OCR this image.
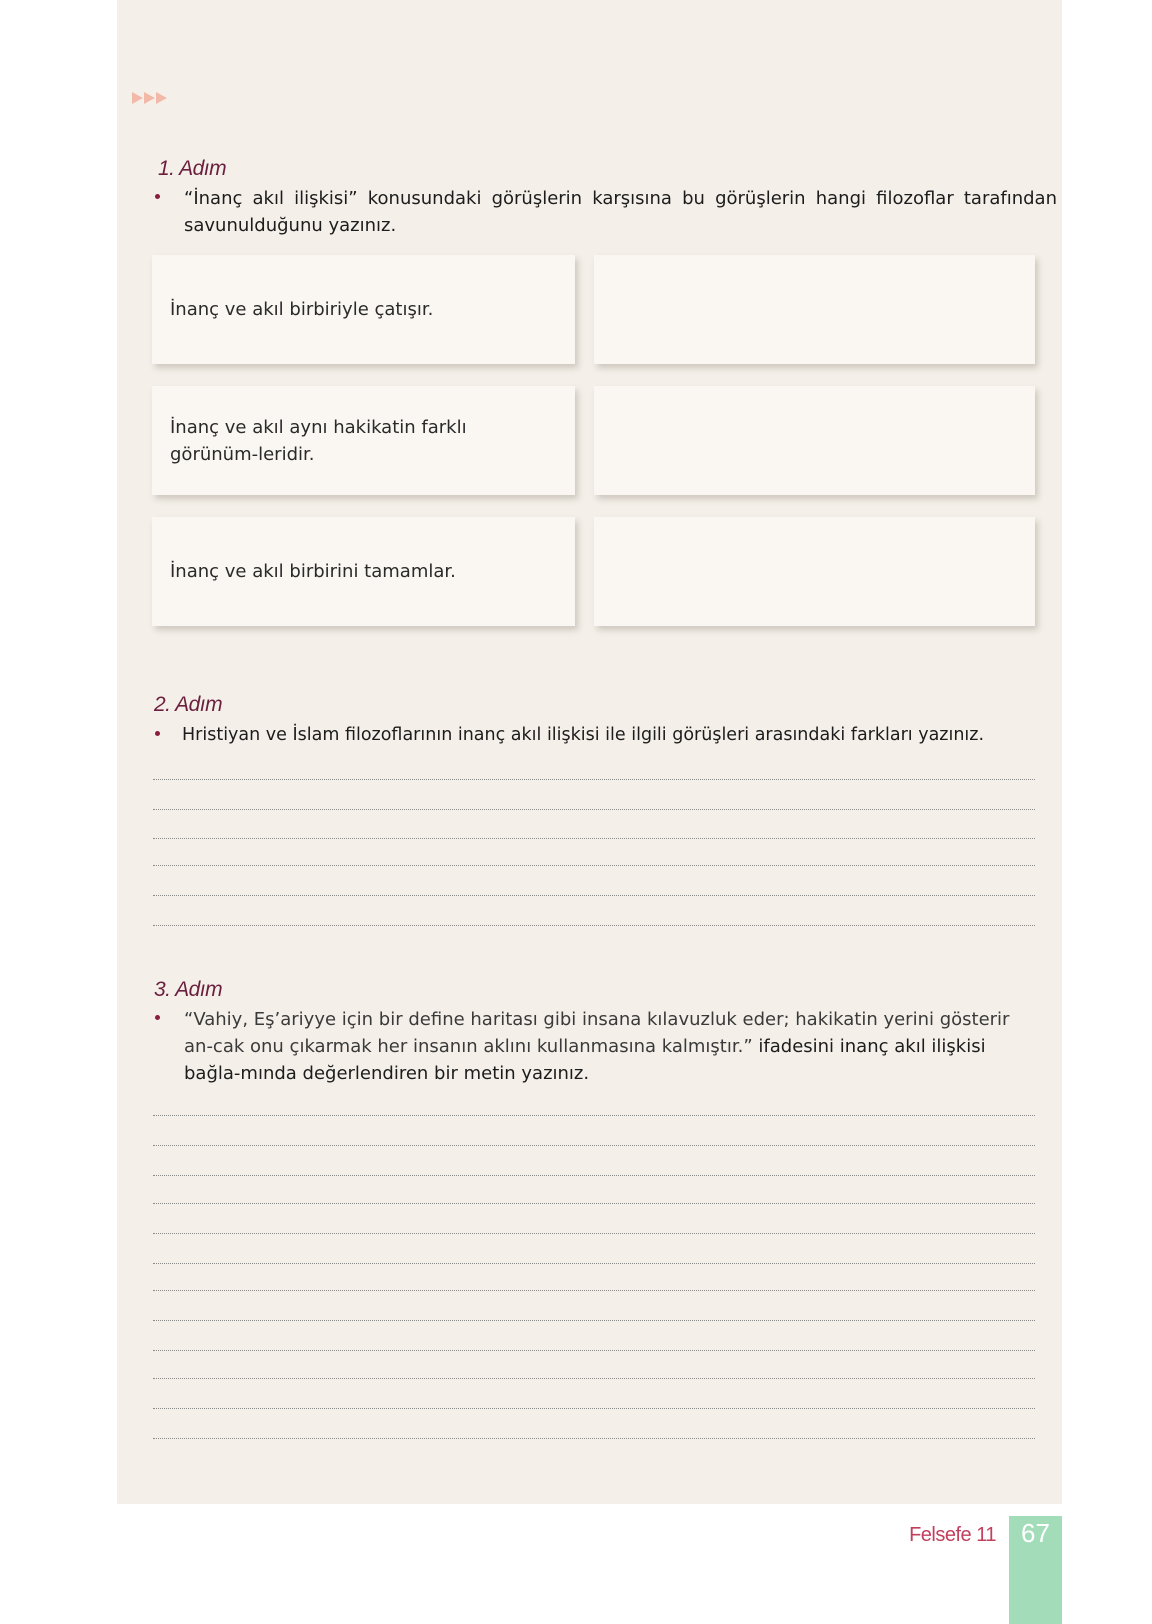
1. Adım
“İnanç akıl ilişkisi” konusundaki görüşlerin karşısına bu görüşlerin hangi filozoflar tarafından savunulduğunu yazınız.
İnanç ve akıl birbiriyle çatışır.
İnanç ve akıl aynı hakikatin farklı görünüm-leridir.
İnanç ve akıl birbirini tamamlar.
2. Adım
Hristiyan ve İslam filozoflarının inanç akıl ilişkisi ile ilgili görüşleri arasındaki farkları yazınız.
3. Adım
“Vahiy, Eş’ariyye için bir define haritası gibi insana kılavuzluk eder; hakikatin yerini gösterir an-cak onu çıkarmak her insanın aklını kullanmasına kalmıştır.” ifadesini inanç akıl ilişkisi bağla-mında değerlendiren bir metin yazınız.
Felsefe 11 67
